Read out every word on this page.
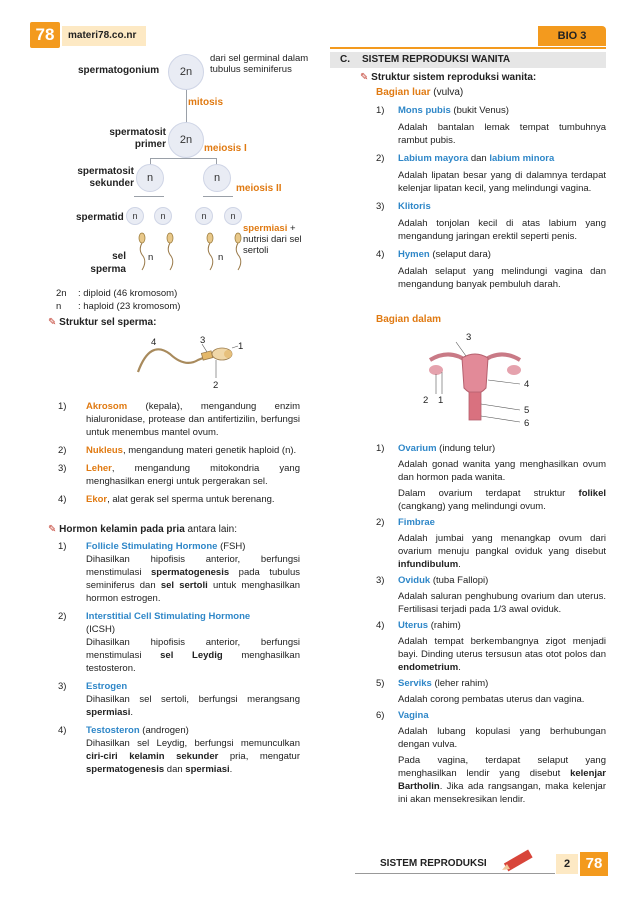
78	materi78.co.nr	BIO 3
spermatogonium	2n
dari sel germinal dalam tubulus seminiferus
mitosis
spermatosit primer	2n
meiosis I
spermatosit sekunder	n	n
meiosis II
spermatid n	n	n	n
spermiasi + nutrisi dari sel sertoli
sel sperma
n	n
2n : diploid (46 kromosom)
n : haploid (23 kromosom)
✎ Struktur sel sperma:
4	3
1
2
1)	Akrosom (kepala), mengandung enzim hialuronidase, protease dan antifertizilin, berfungsi untuk menembus mantel ovum.
2)	Nukleus, mengandung materi genetik haploid (n).
3)	Leher, mengandung mitokondria yang menghasilkan energi untuk pergerakan sel.
4)	Ekor, alat gerak sel sperma untuk berenang.
✎ Hormon kelamin pada pria antara lain:
1)	Follicle Stimulating Hormone (FSH)
Dihasilkan hipofisis anterior, berfungsi menstimulasi spermatogenesis pada tubulus seminiferus dan sel sertoli untuk menghasilkan hormon estrogen.
2)	Interstitial Cell Stimulating Hormone
(ICSH)
Dihasilkan hipofisis anterior, berfungsi menstimulasi sel Leydig menghasilkan testosteron.
3)	Estrogen
Dihasilkan sel sertoli, berfungsi merangsang spermiasi.
4)	Testosteron (androgen)
Dihasilkan sel Leydig, berfungsi memunculkan ciri-ciri kelamin sekunder pria, mengatur spermatogenesis dan spermiasi.
C. SISTEM REPRODUKSI WANITA
✎ Struktur sistem reproduksi wanita:
Bagian luar (vulva)
1)	Mons pubis (bukit Venus)
Adalah bantalan lemak tempat tumbuhnya rambut pubis.
2)	Labium mayora dan labium minora
Adalah lipatan besar yang di dalamnya terdapat kelenjar lipatan kecil, yang melindungi vagina.
3)	Klitoris
Adalah tonjolan kecil di atas labium yang mengandung jaringan erektil seperti penis.
4)	Hymen (selaput dara)
Adalah selaput yang melindungi vagina dan mengandung banyak pembuluh darah.
Bagian dalam
3
4
2 1
5
6
1)	Ovarium (indung telur)
Adalah gonad wanita yang menghasilkan ovum dan hormon pada wanita.
Dalam ovarium terdapat struktur folikel (cangkang) yang melindungi ovum.
2)	Fimbrae
Adalah jumbai yang menangkap ovum dari ovarium menuju pangkal oviduk yang disebut infundibulum.
3)	Oviduk (tuba Fallopi)
Adalah saluran penghubung ovarium dan uterus. Fertilisasi terjadi pada 1/3 awal oviduk.
4)	Uterus (rahim)
Adalah tempat berkembangnya zigot menjadi bayi. Dinding uterus tersusun atas otot polos dan endometrium.
5)	Serviks (leher rahim)
Adalah corong pembatas uterus dan vagina.
6)	Vagina
Adalah lubang kopulasi yang berhubungan dengan vulva.
Pada vagina, terdapat selaput yang menghasilkan lendir yang disebut kelenjar Bartholin. Jika ada rangsangan, maka kelenjar ini akan mensekresikan lendir.
SISTEM REPRODUKSI	2	78
